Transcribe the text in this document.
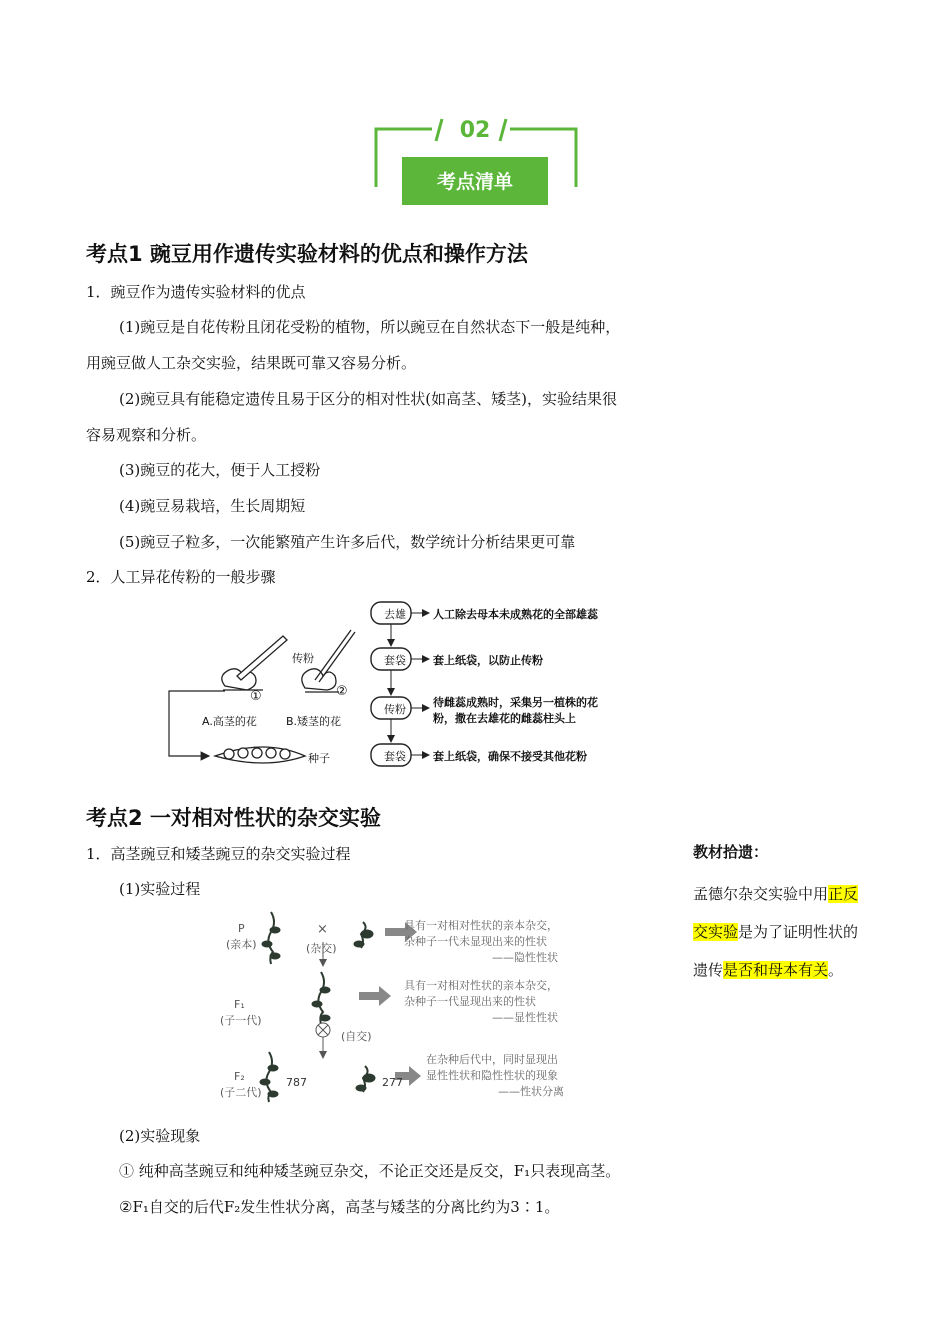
02
考点清单
考点1 豌豆用作遗传实验材料的优点和操作方法
1．豌豆作为遗传实验材料的优点
(1)豌豆是自花传粉且闭花受粉的植物，所以豌豆在自然状态下一般是纯种，
用豌豆做人工杂交实验，结果既可靠又容易分析。
(2)豌豆具有能稳定遗传且易于区分的相对性状(如高茎、矮茎)，实验结果很
容易观察和分析。
(3)豌豆的花大，便于人工授粉
(4)豌豆易栽培，生长周期短
(5)豌豆子粒多，一次能繁殖产生许多后代，数学统计分析结果更可靠
2．人工异花传粉的一般步骤
传粉
①	②
A.高茎的花	B.矮茎的花
种子
去雄
套袋
传粉
套袋
人工除去母本未成熟花的全部雄蕊
套上纸袋，以防止传粉
待雌蕊成熟时，采集另一植株的花
粉，撒在去雄花的雌蕊柱头上
套上纸袋，确保不接受其他花粉
考点2 一对相对性状的杂交实验
1．高茎豌豆和矮茎豌豆的杂交实验过程
(1)实验过程
P
(亲本)
×
(杂交)
F₁
(子一代)
(自交)
F₂
(子二代)
787	277
具有一对相对性状的亲本杂交，
杂种子一代未显现出来的性状
——隐性性状
具有一对相对性状的亲本杂交，
杂种子一代显现出来的性状
——显性性状
在杂种后代中，同时显现出
显性性状和隐性性状的现象
——性状分离
(2)实验现象
① 纯种高茎豌豆和纯种矮茎豌豆杂交，不论正交还是反交，F₁只表现高茎。
②F₁自交的后代F₂发生性状分离，高茎与矮茎的分离比约为3∶1。
教材拾遗：
孟德尔杂交实验中用正反交实验是为了证明性状的遗传是否和母本有关。
